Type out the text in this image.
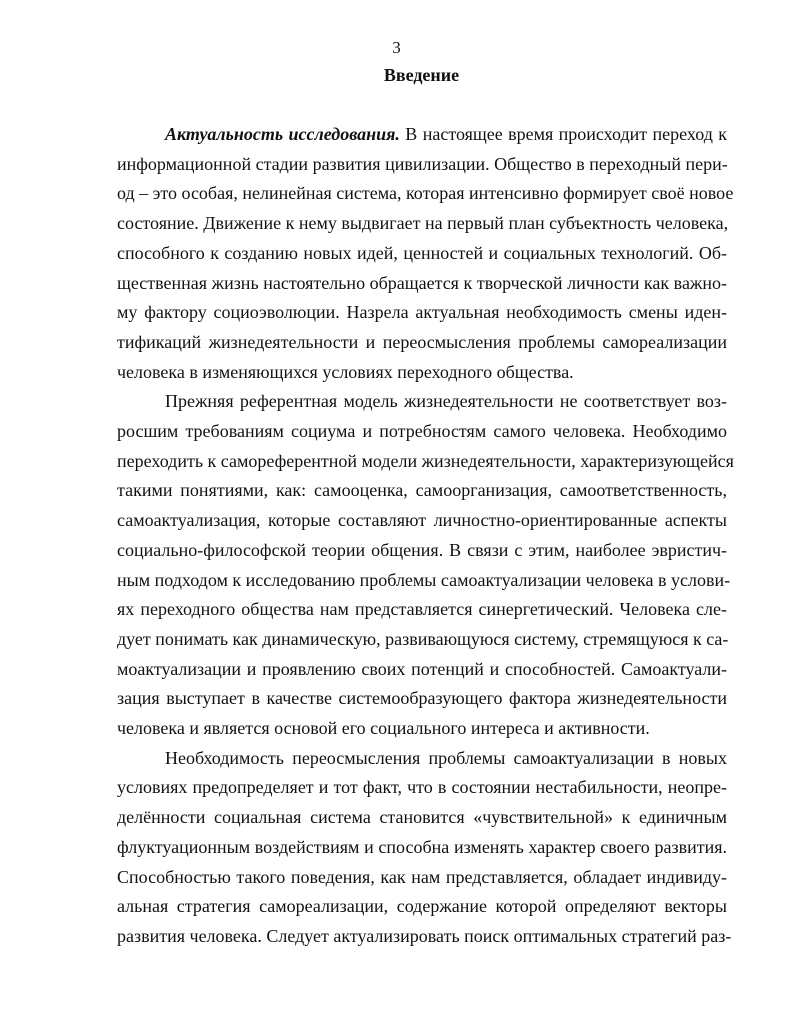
3
Введение

Актуальность исследования. В настоящее время происходит переход к
информационной стадии развития цивилизации. Общество в переходный пери-
од – это особая, нелинейная система, которая интенсивно формирует своё новое
состояние. Движение к нему выдвигает на первый план субъектность человека,
способного к созданию новых идей, ценностей и социальных технологий. Об-
щественная жизнь настоятельно обращается к творческой личности как важно-
му фактору социоэволюции. Назрела актуальная необходимость смены иден-
тификаций жизнедеятельности и переосмысления проблемы самореализации
человека в изменяющихся условиях переходного общества.

Прежняя референтная модель жизнедеятельности не соответствует воз-
росшим требованиям социума и потребностям самого человека. Необходимо
переходить к самореферентной модели жизнедеятельности, характеризующейся
такими понятиями, как: самооценка, самоорганизация, самоответственность,
самоактуализация, которые составляют личностно-ориентированные аспекты
социально-философской теории общения. В связи с этим, наиболее эвристич-
ным подходом к исследованию проблемы самоактуализации человека в услови-
ях переходного общества нам представляется синергетический. Человека сле-
дует понимать как динамическую, развивающуюся систему, стремящуюся к са-
моактуализации и проявлению своих потенций и способностей. Самоактуали-
зация выступает в качестве системообразующего фактора жизнедеятельности
человека и является основой его социального интереса и активности.

Необходимость переосмысления проблемы самоактуализации в новых
условиях предопределяет и тот факт, что в состоянии нестабильности, неопре-
делённости социальная система становится «чувствительной» к единичным
флуктуационным воздействиям и способна изменять характер своего развития.
Способностью такого поведения, как нам представляется, обладает индивиду-
альная стратегия самореализации, содержание которой определяют векторы
развития человека. Следует актуализировать поиск оптимальных стратегий раз-
